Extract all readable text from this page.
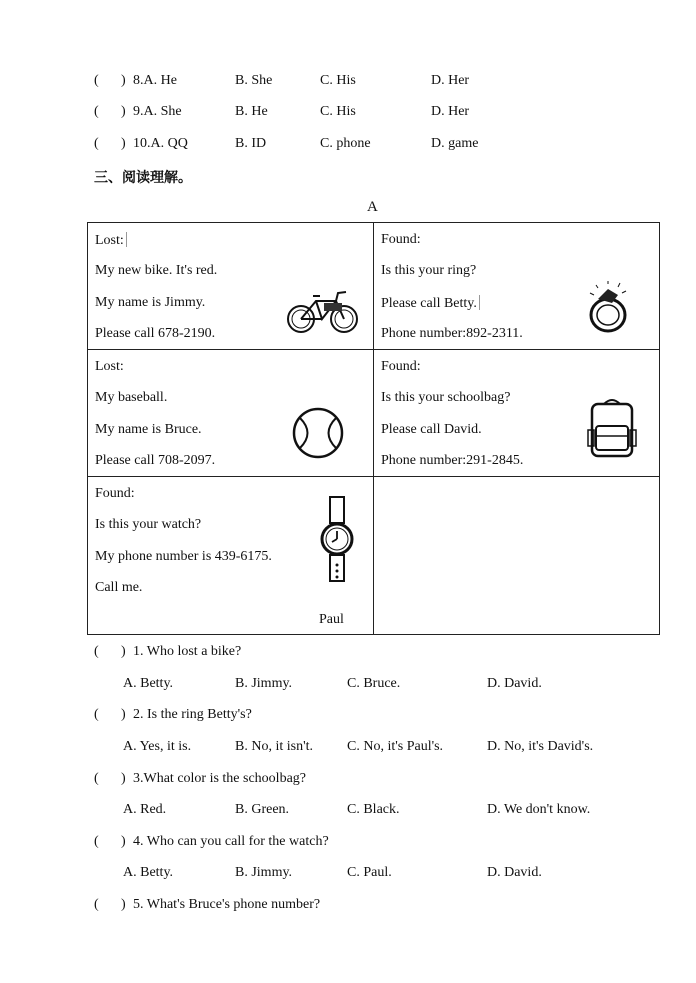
( ) 8.A. He	B. She	C. His	D. Her
( ) 9.A. She	B. He	C. His	D. Her
( ) 10.A. QQ	B. ID	C. phone	D. game
三、阅读理解。
A
Lost:
My new bike. It's red.
My name is Jimmy.
Please call 678-2190.	Found:
Is this your ring?
Please call Betty.
Phone number:892-2311.

Lost:
My baseball.
My name is Bruce.
Please call 708-2097.	Found:
Is this your schoolbag?
Please call David.
Phone number:291-2845.

Found:
Is this your watch?
My phone number is 439-6175.
Call me.
Paul	

( ) 1. Who lost a bike?
A. Betty.	B. Jimmy.	C. Bruce.	D. David.
( ) 2. Is the ring Betty's?
A. Yes, it is.	B. No, it isn't. C. No, it's Paul's.	D. No, it's David's.
( ) 3.What color is the schoolbag?
A. Red.	B. Green.	C. Black.	D. We don't know.
( ) 4. Who can you call for the watch?
A. Betty.	B. Jimmy.	C. Paul.	D. David.
( ) 5. What's Bruce's phone number?
